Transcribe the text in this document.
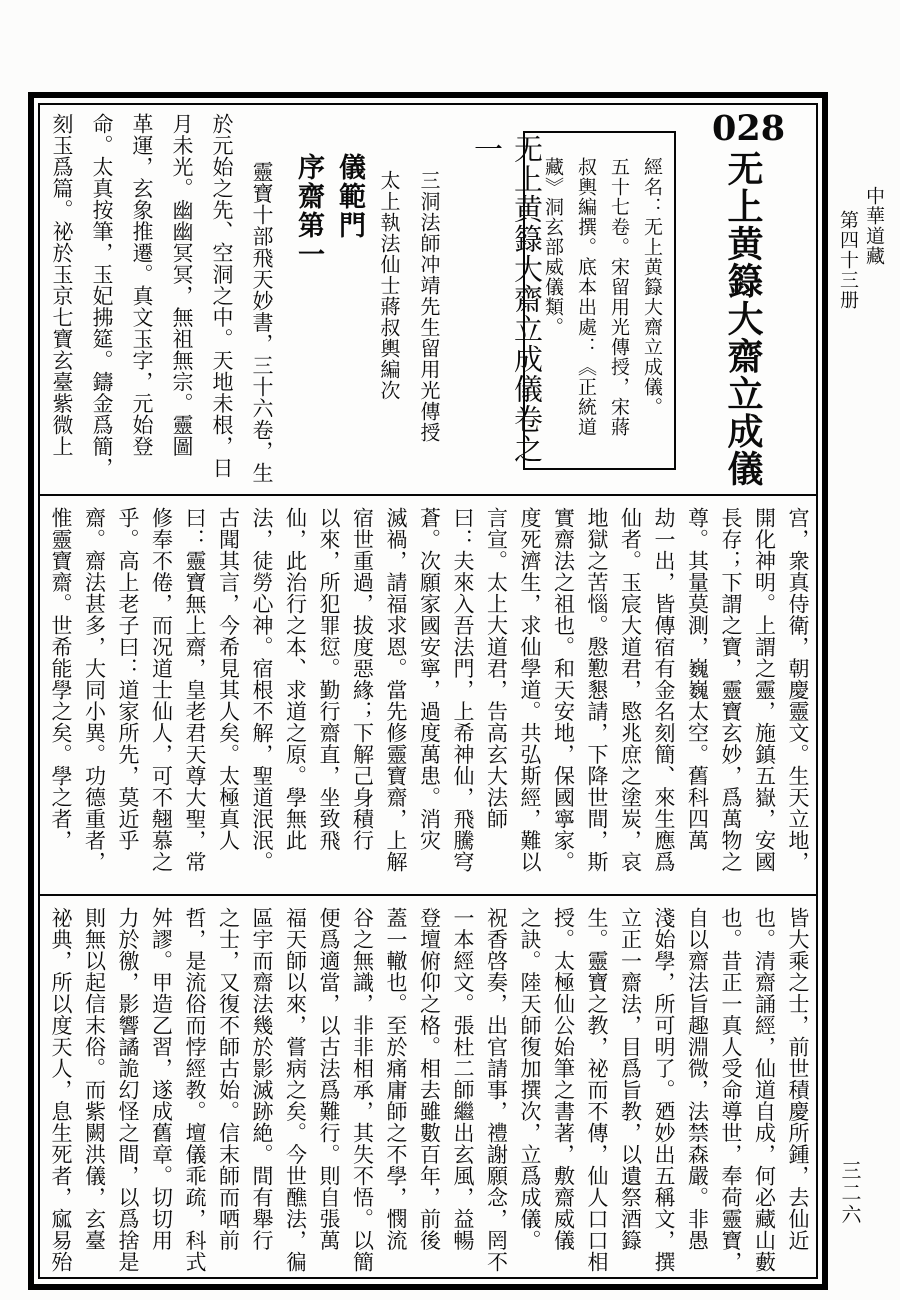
中華道藏
第四十三册
三二六
028
无上黄籙大齋立成儀
經名：无上黄籙大齋立成儀。
五十七卷。宋留用光傳授，宋蔣
叔輿編撰。底本出處：《正統道
藏》洞玄部威儀類。
无上黄籙大齋立成儀卷之一
三洞法師冲靖先生留用光傳授
太上執法仙士蔣叔輿編次
儀範門
序齋第一
靈寶十部飛天妙書，三十六卷，生
於元始之先、空洞之中。天地未根，日
月未光。幽幽冥冥，無祖無宗。靈圖
革運，玄象推遷。真文玉字，元始登
命。太真按筆，玉妃拂筵。鑄金爲簡，
刻玉爲篇。祕於玉京七寶玄臺紫微上
宫，衆真侍衛，朝慶靈文。生天立地，
開化神明。上謂之靈，施鎮五嶽，安國
長存；下謂之寶，靈寶玄妙，爲萬物之
尊。其量莫測，巍巍太空。舊科四萬
劫一出，皆傳宿有金名刻簡、來生應爲
仙者。玉宸大道君，愍兆庶之塗炭，哀
地獄之苦惱。慇懃懇請，下降世間，斯
實齋法之祖也。和天安地，保國寧家。
度死濟生，求仙學道。共弘斯經，難以
言宣。太上大道君，告高玄大法師
曰：夫來入吾法門，上希神仙，飛騰穹
蒼。次願家國安寧，過度萬患。消灾
滅禍，請福求恩。當先修靈寶齋，上解
宿世重過，拔度惡緣；下解己身積行
以來，所犯罪愆。勤行齋直，坐致飛
仙，此治行之本、求道之原。學無此
法，徒勞心神。宿根不解，聖道泯泯。
古聞其言，今希見其人矣。太極真人
曰：靈寶無上齋，皇老君天尊大聖，常
修奉不倦，而况道士仙人，可不翹慕之
乎。高上老子曰：道家所先，莫近乎
齋。齋法甚多，大同小異。功德重者，
惟靈寶齋。世希能學之矣。學之者，
皆大乘之士，前世積慶所鍾，去仙近
也。清齋誦經，仙道自成，何必藏山藪
也。昔正一真人受命導世，奉荷靈寶，
自以齋法旨趣淵微，法禁森嚴。非愚
淺始學，所可明了。廼妙出五稱文，撰
立正一齋法，目爲旨教，以遺祭酒籙
生。靈寶之教，祕而不傳，仙人口口相
授。太極仙公始筆之書著，敷齋威儀
之訣。陸天師復加撰次，立爲成儀。
祝香啓奏，出官請事，禮謝願念，罔不
一本經文。張杜二師繼出玄風，益暢
登壇俯仰之格。相去雖數百年，前後
蓋一轍也。至於痛庸師之不學，憫流
谷之無識，非非相承，其失不悟。以簡
便爲適當，以古法爲難行。則自張萬
福天師以來，嘗病之矣。今世醮法，徧
區宇而齋法幾於影滅跡絶。間有舉行
之士，又復不師古始。信末師而哂前
哲，是流俗而悖經教。壇儀乖疏，科式
舛謬。甲造乙習，遂成舊章。切切用
力於徼，影響譎詭幻怪之間，以爲捨是
則無以起信末俗。而紫闕洪儀，玄臺
祕典，所以度天人，息生死者，寙易殆
